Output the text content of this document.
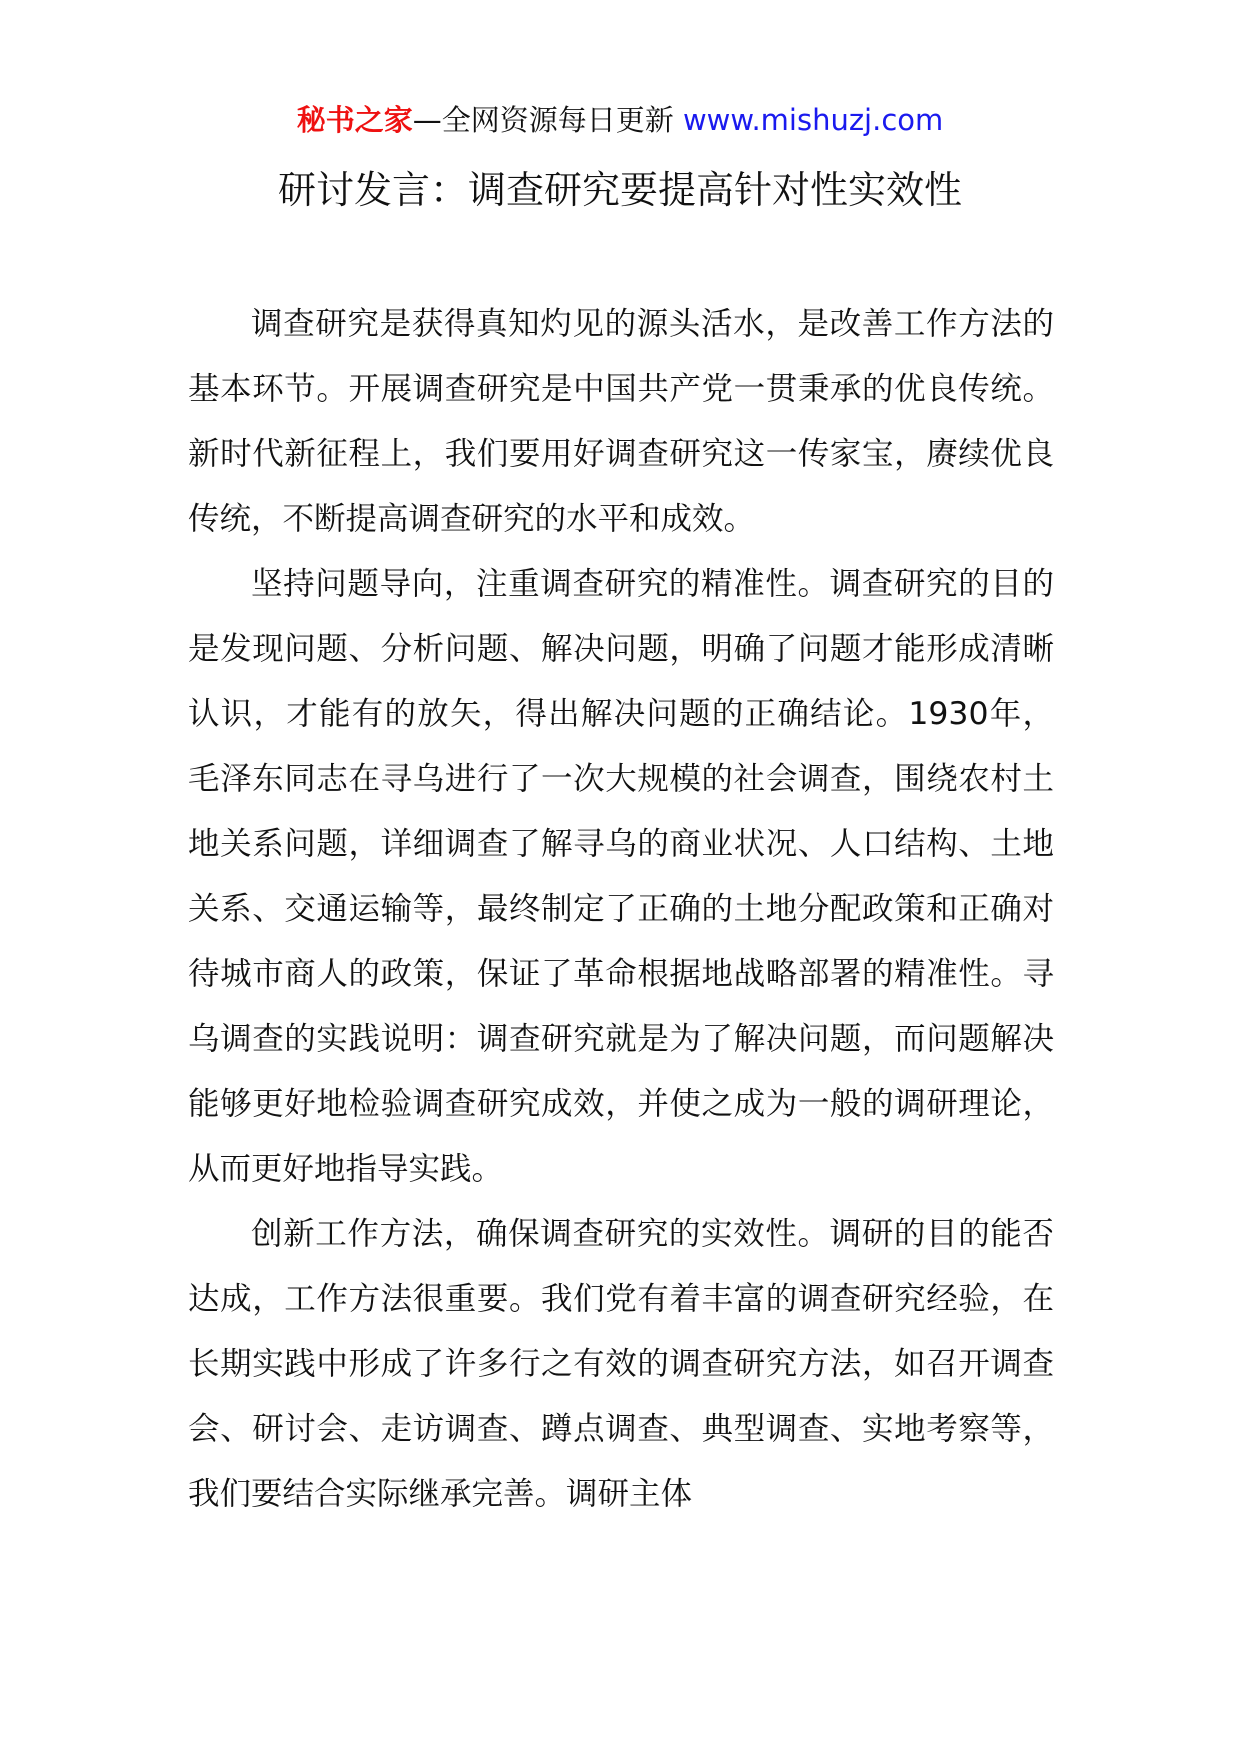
秘书之家—全网资源每日更新 www.mishuzj.com
研讨发言：调查研究要提高针对性实效性

调查研究是获得真知灼见的源头活水，是改善工作方法的基本环节。开展调查研究是中国共产党一贯秉承的优良传统。新时代新征程上，我们要用好调查研究这一传家宝，赓续优良传统，不断提高调查研究的水平和成效。

坚持问题导向，注重调查研究的精准性。调查研究的目的是发现问题、分析问题、解决问题，明确了问题才能形成清晰认识，才能有的放矢，得出解决问题的正确结论。1930年，毛泽东同志在寻乌进行了一次大规模的社会调查，围绕农村土地关系问题，详细调查了解寻乌的商业状况、人口结构、土地关系、交通运输等，最终制定了正确的土地分配政策和正确对待城市商人的政策，保证了革命根据地战略部署的精准性。寻乌调查的实践说明：调查研究就是为了解决问题，而问题解决能够更好地检验调查研究成效，并使之成为一般的调研理论，从而更好地指导实践。

创新工作方法，确保调查研究的实效性。调研的目的能否达成，工作方法很重要。我们党有着丰富的调查研究经验，在长期实践中形成了许多行之有效的调查研究方法，如召开调查会、研讨会、走访调查、蹲点调查、典型调查、实地考察等，我们要结合实际继承完善。调研主体
